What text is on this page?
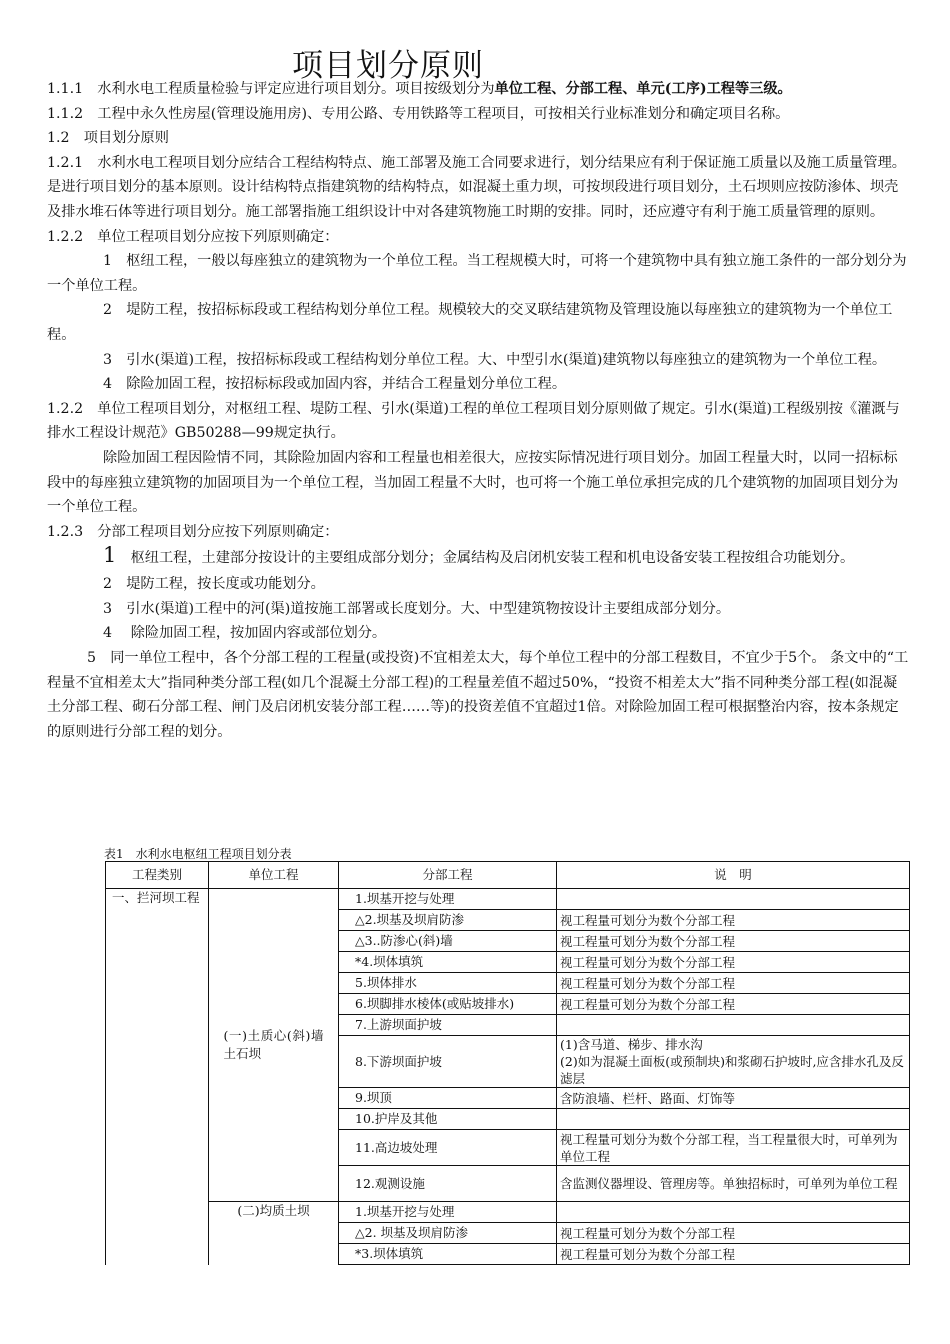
项目划分原则

1.1.1　水利水电工程质量检验与评定应进行项目划分。项目按级划分为单位工程、分部工程、单元(工序)工程等三级。

1.1.2　工程中永久性房屋(管理设施用房)、专用公路、专用铁路等工程项目，可按相关行业标准划分和确定项目名称。

1.2　项目划分原则

1.2.1　水利水电工程项目划分应结合工程结构特点、施工部署及施工合同要求进行，划分结果应有利于保证施工质量以及施工质量管理。是进行项目划分的基本原则。设计结构特点指建筑物的结构特点，如混凝土重力坝，可按坝段进行项目划分，土石坝则应按防渗体、坝壳及排水堆石体等进行项目划分。施工部署指施工组织设计中对各建筑物施工时期的安排。同时，还应遵守有利于施工质量管理的原则。

1.2.2　单位工程项目划分应按下列原则确定：

1　枢纽工程，一般以每座独立的建筑物为一个单位工程。当工程规模大时，可将一个建筑物中具有独立施工条件的一部分划分为一个单位工程。

2　堤防工程，按招标标段或工程结构划分单位工程。规模较大的交叉联结建筑物及管理设施以每座独立的建筑物为一个单位工程。

3　引水(渠道)工程，按招标标段或工程结构划分单位工程。大、中型引水(渠道)建筑物以每座独立的建筑物为一个单位工程。

4　除险加固工程，按招标标段或加固内容，并结合工程量划分单位工程。

1.2.2　单位工程项目划分，对枢纽工程、堤防工程、引水(渠道)工程的单位工程项目划分原则做了规定。引水(渠道)工程级别按《灌溉与排水工程设计规范》GB50288—99规定执行。

除险加固工程因险情不同，其除险加固内容和工程量也相差很大，应按实际情况进行项目划分。加固工程量大时，以同一招标标段中的每座独立建筑物的加固项目为一个单位工程，当加固工程量不大时，也可将一个施工单位承担完成的几个建筑物的加固项目划分为一个单位工程。

1.2.3　分部工程项目划分应按下列原则确定：

1　枢纽工程，土建部分按设计的主要组成部分划分；金属结构及启闭机安装工程和机电设备安装工程按组合功能划分。

2　堤防工程，按长度或功能划分。

3　引水(渠道)工程中的河(渠)道按施工部署或长度划分。大、中型建筑物按设计主要组成部分划分。

4　 除险加固工程，按加固内容或部位划分。

5　同一单位工程中，各个分部工程的工程量(或投资)不宜相差太大，每个单位工程中的分部工程数目，不宜少于5个。 条文中的“工程量不宜相差太大”指同种类分部工程(如几个混凝土分部工程)的工程量差值不超过50%，“投资不相差太大”指不同种类分部工程(如混凝土分部工程、砌石分部工程、闸门及启闭机安装分部工程……等)的投资差值不宜超过1倍。对除险加固工程可根据整治内容，按本条规定的原则进行分部工程的划分。

表1　水利水电枢纽工程项目划分表
工程类别	单位工程	分部工程	说　明
一、拦河坝工程	(一)土质心(斜)墙土石坝	1.坝基开挖与处理	
		△2.坝基及坝肩防渗	视工程量可划分为数个分部工程
		△3..防渗心(斜)墙	视工程量可划分为数个分部工程
		*4.坝体填筑	视工程量可划分为数个分部工程
		5.坝体排水	视工程量可划分为数个分部工程
		6.坝脚排水棱体(或贴坡排水)	视工程量可划分为数个分部工程
		7.上游坝面护坡	
		8.下游坝面护坡	(1)含马道、梯步、排水沟
(2)如为混凝土面板(或预制块)和浆砌石护坡时,应含排水孔及反滤层
		9.坝顶	含防浪墙、栏杆、路面、灯饰等
		10.护岸及其他	
		11.高边坡处理	视工程量可划分为数个分部工程，当工程量很大时，可单列为单位工程
		12.观测设施	含监测仪器埋设、管理房等。单独招标时，可单列为单位工程
	(二)均质土坝	1.坝基开挖与处理	
		△2. 坝基及坝肩防渗	视工程量可划分为数个分部工程
		*3.坝体填筑	视工程量可划分为数个分部工程
